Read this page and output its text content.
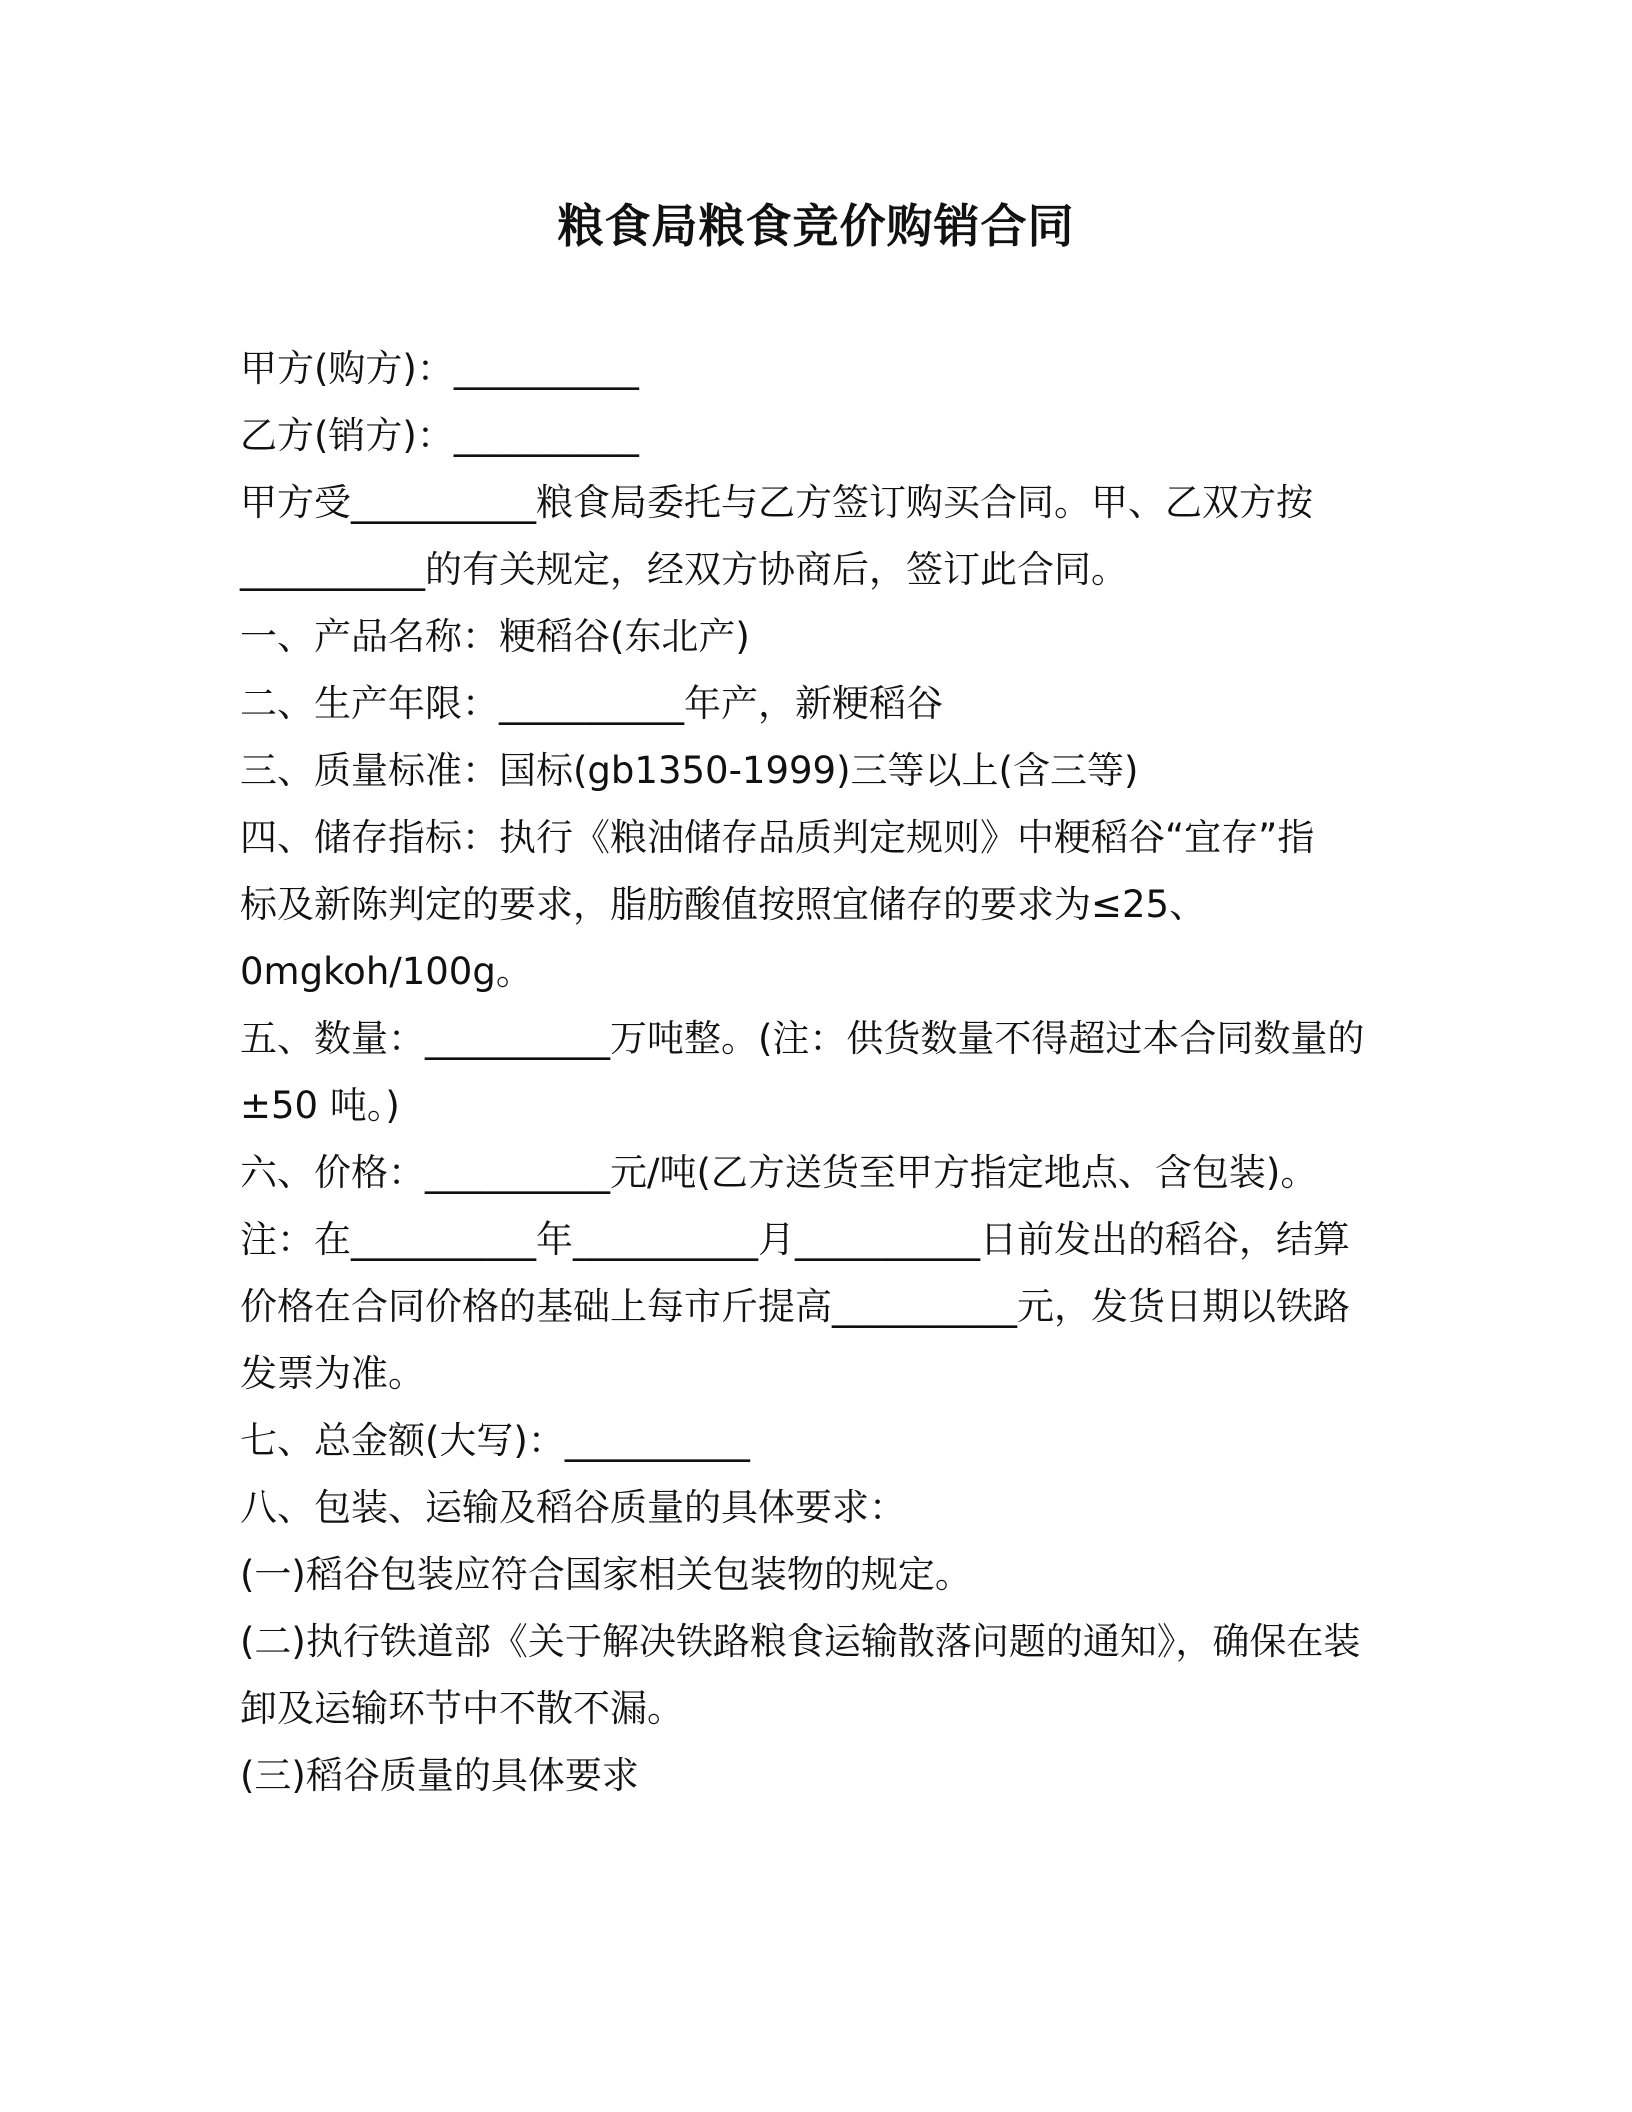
粮食局粮食竞价购销合同

甲方(购方)：__________

乙方(销方)：__________

甲方受__________粮食局委托与乙方签订购买合同。甲、乙双方按

__________的有关规定，经双方协商后，签订此合同。

一、产品名称：粳稻谷(东北产)

二、生产年限：__________年产，新粳稻谷

三、质量标准：国标(gb1350-1999)三等以上(含三等)

四、储存指标：执行《粮油储存品质判定规则》中粳稻谷“宜存”指

标及新陈判定的要求，脂肪酸值按照宜储存的要求为≤25、

0mgkoh/100g。

五、数量：__________万吨整。(注：供货数量不得超过本合同数量的

±50 吨。)

六、价格：__________元/吨(乙方送货至甲方指定地点、含包装)。

注：在__________年__________月__________日前发出的稻谷，结算

价格在合同价格的基础上每市斤提高__________元，发货日期以铁路

发票为准。

七、总金额(大写)：__________

八、包装、运输及稻谷质量的具体要求：

(一)稻谷包装应符合国家相关包装物的规定。

(二)执行铁道部《关于解决铁路粮食运输散落问题的通知》，确保在装

卸及运输环节中不散不漏。

(三)稻谷质量的具体要求
